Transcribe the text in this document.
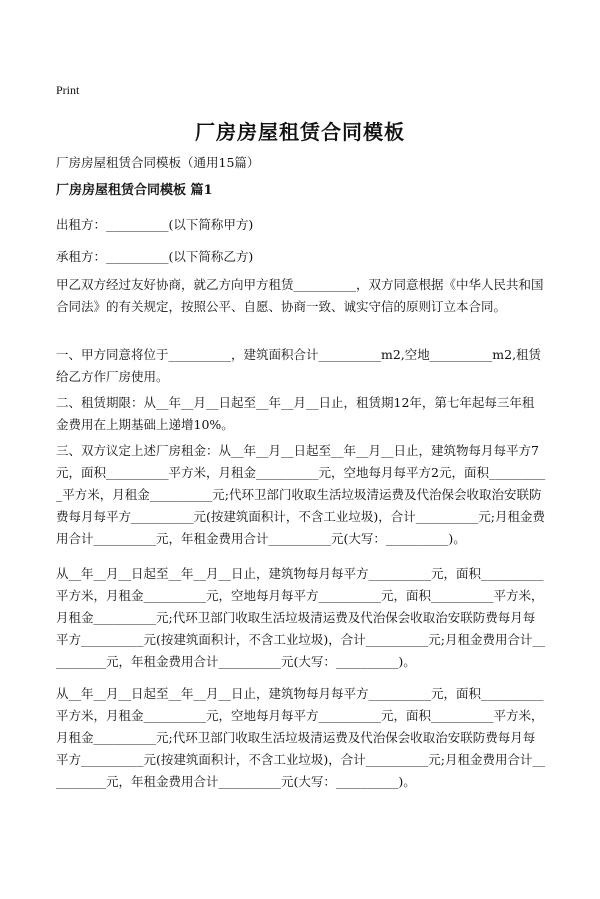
Print
厂房房屋租赁合同模板
厂房房屋租赁合同模板（通用15篇）
厂房房屋租赁合同模板 篇1
出租方：__________(以下简称甲方)
承租方：__________(以下简称乙方)
甲乙双方经过友好协商，就乙方向甲方租赁__________，双方同意根据《中华人民共和国合同法》的有关规定，按照公平、自愿、协商一致、诚实守信的原则订立本合同。
一、甲方同意将位于__________，建筑面积合计__________m2,空地__________m2,租赁给乙方作厂房使用。
二、租赁期限：从__年__月__日起至__年__月__日止，租赁期12年，第七年起每三年租金费用在上期基础上递增10%。
三、双方议定上述厂房租金：从__年__月__日起至__年__月__日止，建筑物每月每平方7元，面积__________平方米，月租金__________元，空地每月每平方2元，面积__________平方米，月租金__________元;代环卫部门收取生活垃圾清运费及代治保会收取治安联防费每月每平方__________元(按建筑面积计，不含工业垃圾)，合计__________元;月租金费用合计__________元，年租金费用合计__________元(大写：__________)。
从__年__月__日起至__年__月__日止，建筑物每月每平方__________元，面积__________平方米，月租金__________元，空地每月每平方__________元，面积__________平方米，月租金__________元;代环卫部门收取生活垃圾清运费及代治保会收取治安联防费每月每平方__________元(按建筑面积计，不含工业垃圾)，合计__________元;月租金费用合计__________元，年租金费用合计__________元(大写：__________)。
从__年__月__日起至__年__月__日止，建筑物每月每平方__________元，面积__________平方米，月租金__________元，空地每月每平方__________元，面积__________平方米，月租金__________元;代环卫部门收取生活垃圾清运费及代治保会收取治安联防费每月每平方__________元(按建筑面积计，不含工业垃圾)，合计__________元;月租金费用合计__________元，年租金费用合计__________元(大写：__________)。
